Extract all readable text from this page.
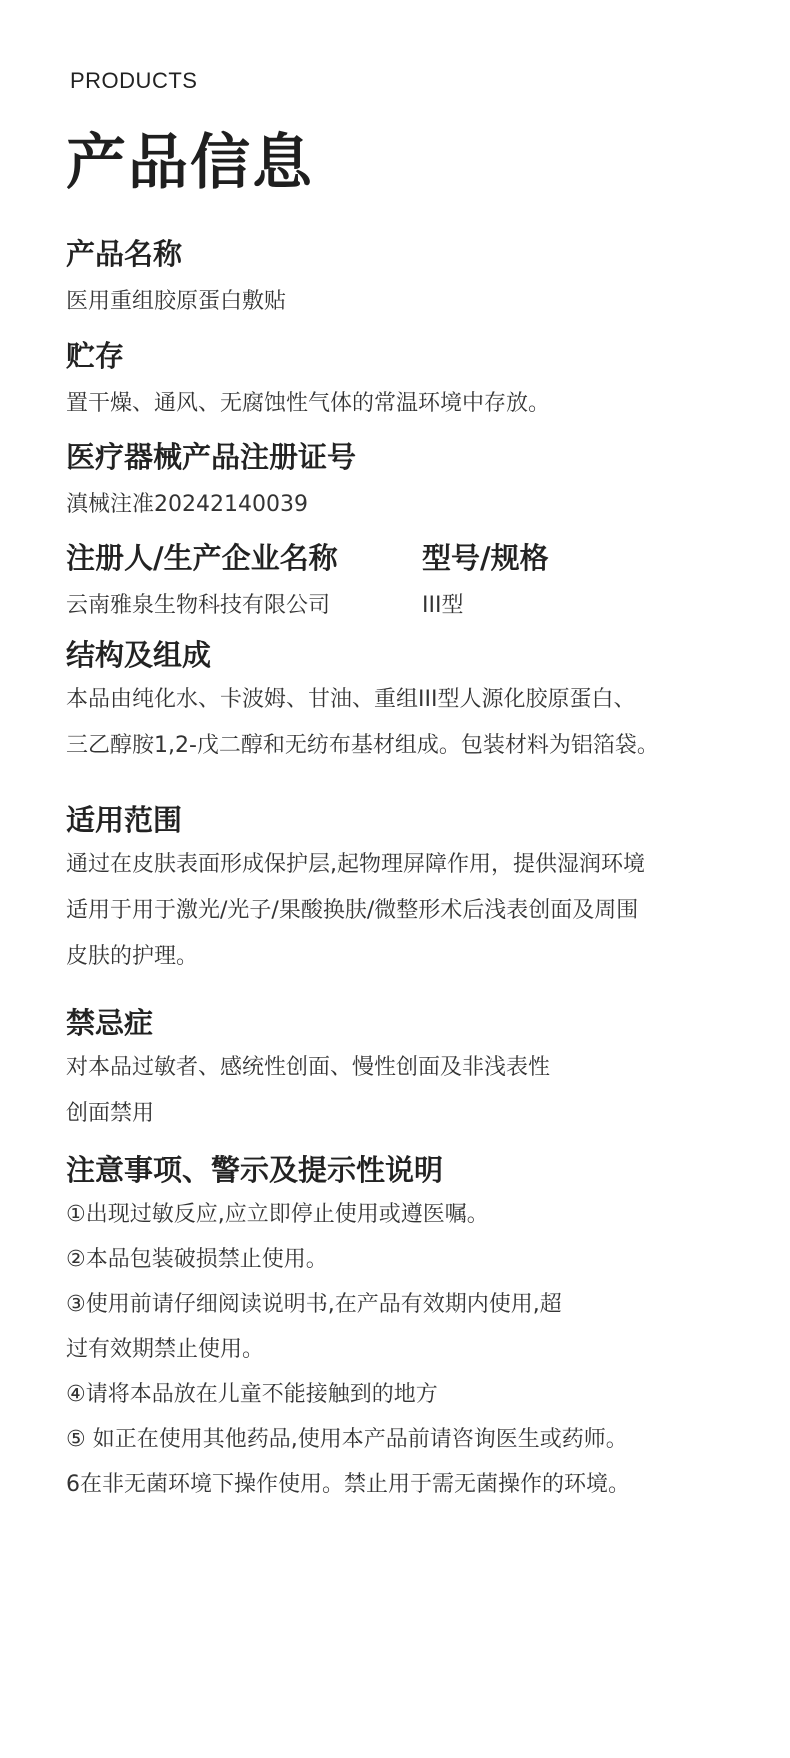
PRODUCTS
产品信息
产品名称
医用重组胶原蛋白敷贴
贮存
置干燥、通风、无腐蚀性气体的常温环境中存放。
医疗器械产品注册证号
滇械注准20242140039
注册人/生产企业名称
云南雅泉生物科技有限公司
型号/规格
III型
结构及组成
本品由纯化水、卡波姆、甘油、重组III型人源化胶原蛋白、
三乙醇胺1,2-戊二醇和无纺布基材组成。包装材料为铝箔袋。
适用范围
通过在皮肤表面形成保护层,起物理屏障作用，提供湿润环境
适用于用于激光/光子/果酸换肤/微整形术后浅表创面及周围
皮肤的护理。
禁忌症
对本品过敏者、感统性创面、慢性创面及非浅表性
创面禁用
注意事项、警示及提示性说明
①出现过敏反应,应立即停止使用或遵医嘱。
②本品包装破损禁止使用。
③使用前请仔细阅读说明书,在产品有效期内使用,超
过有效期禁止使用。
④请将本品放在儿童不能接触到的地方
⑤ 如正在使用其他药品,使用本产品前请咨询医生或药师。
6在非无菌环境下操作使用。禁止用于需无菌操作的环境。
